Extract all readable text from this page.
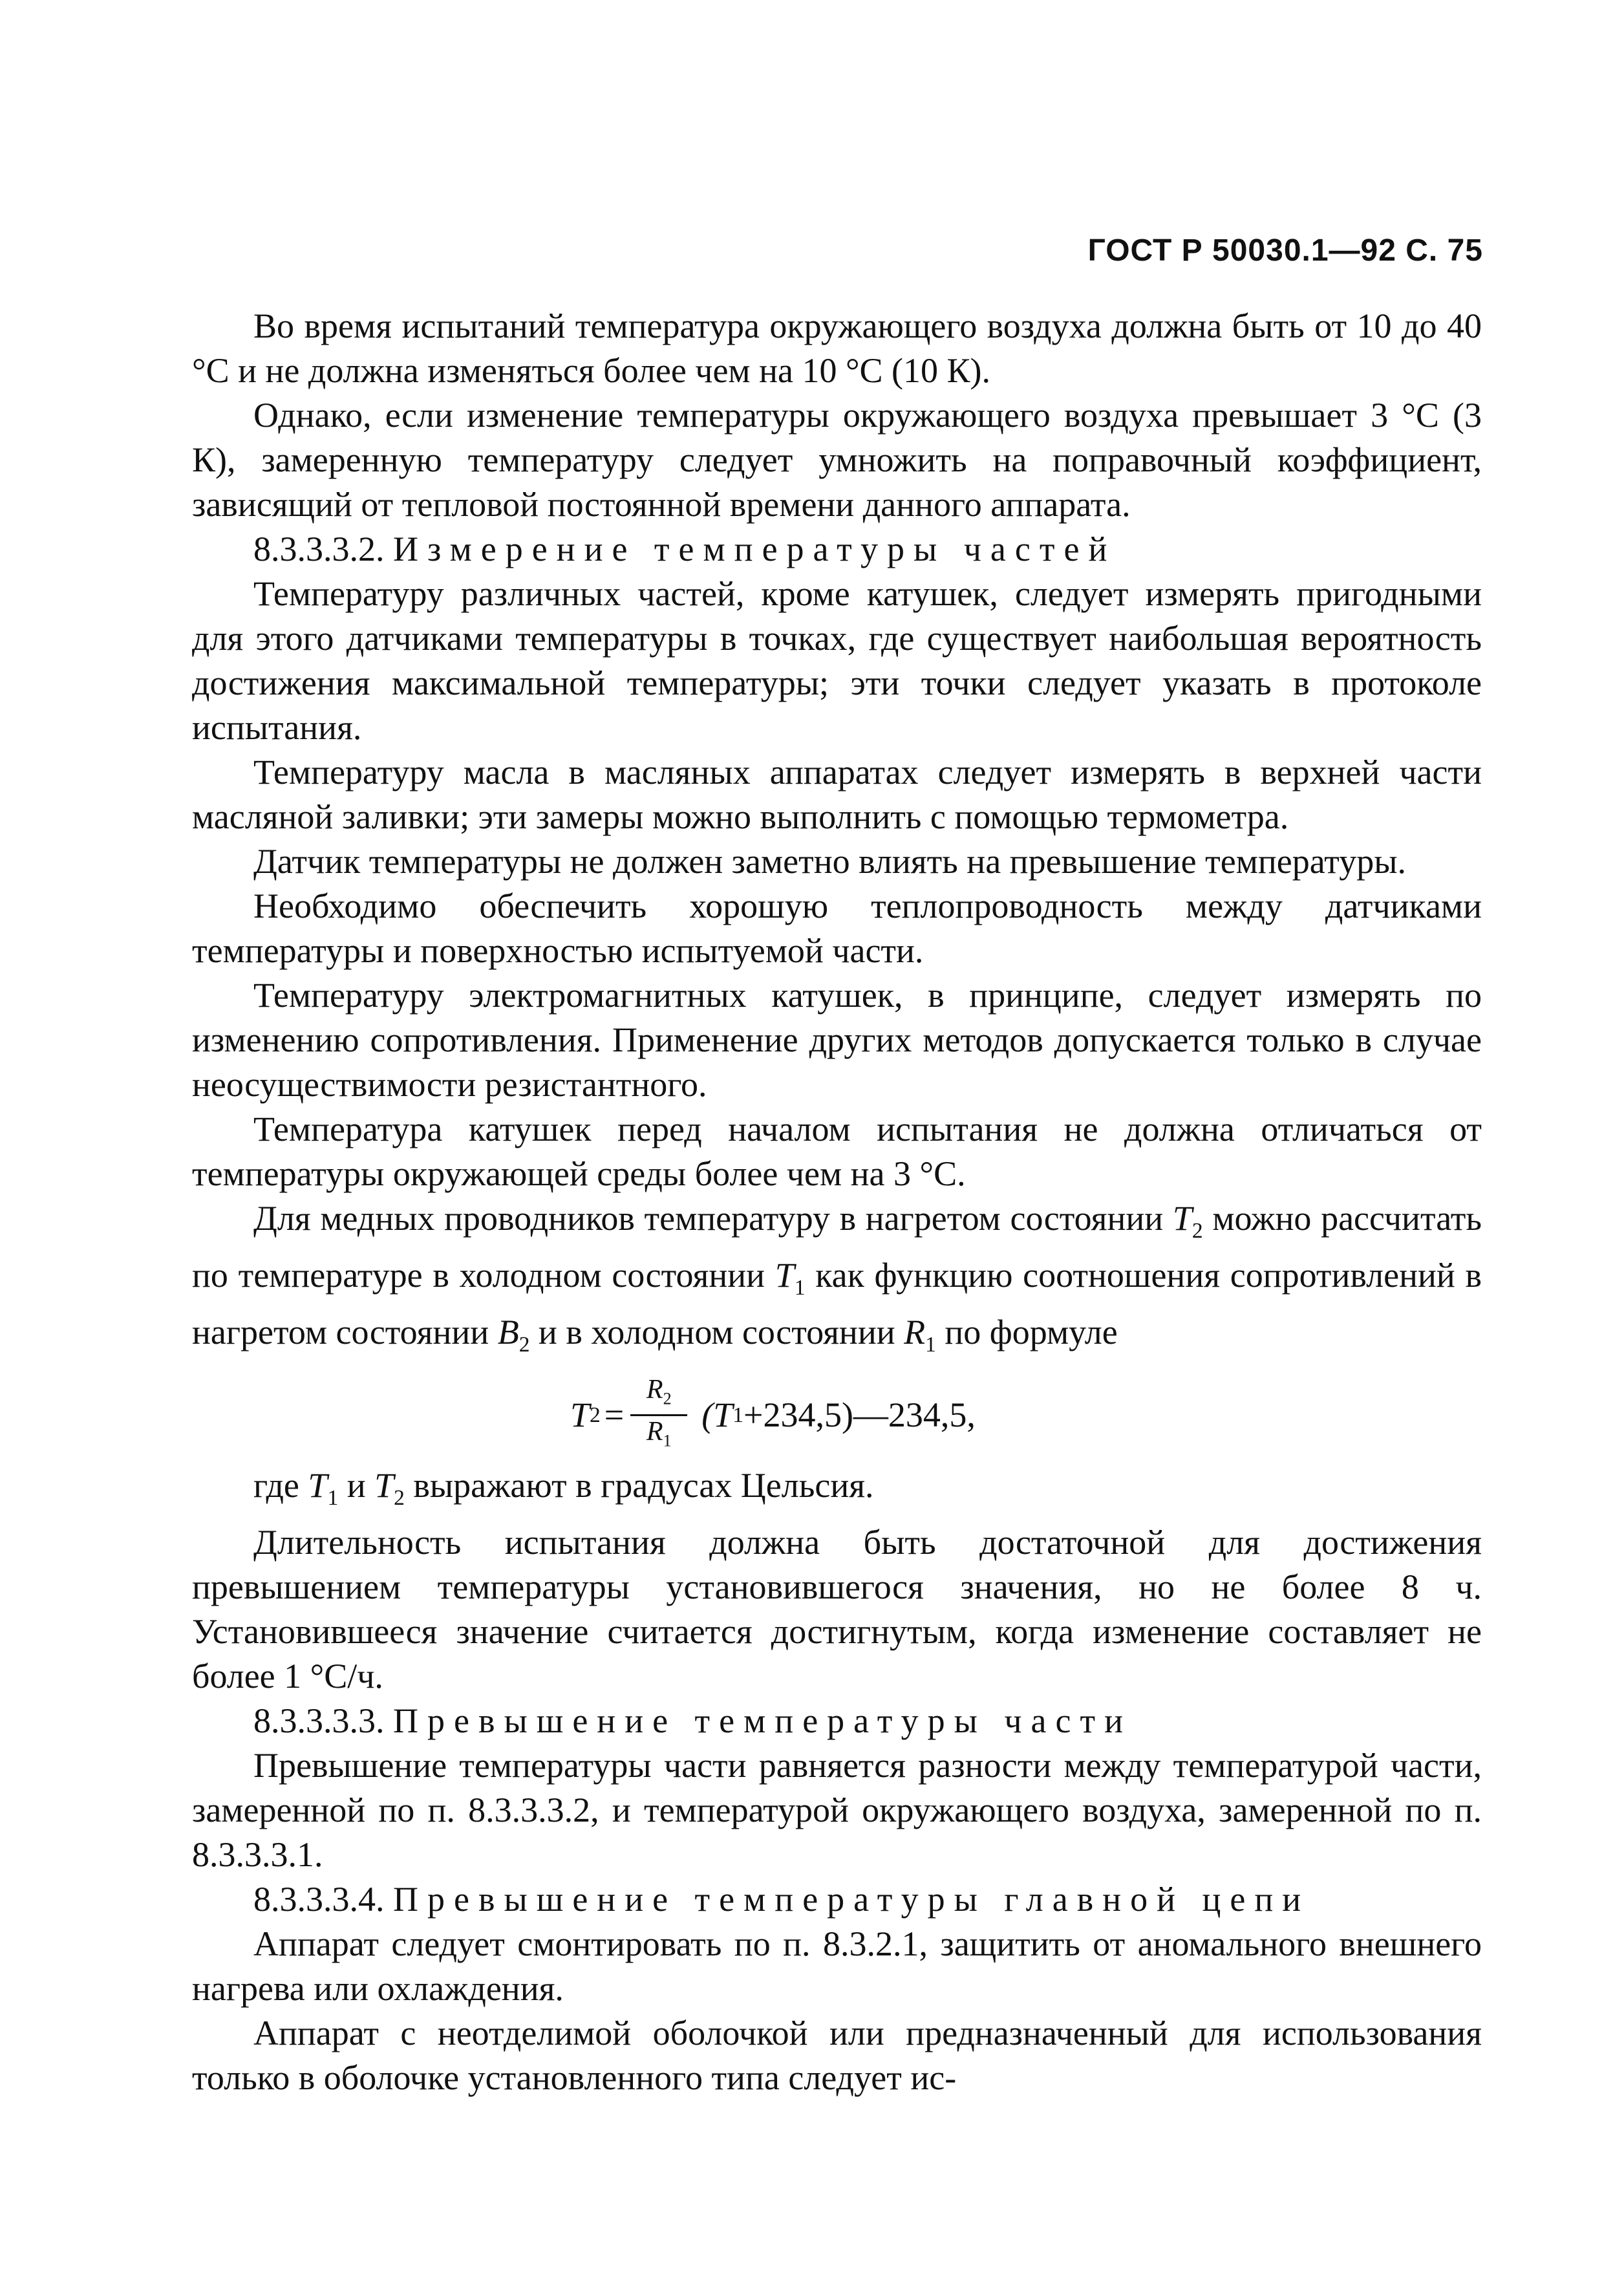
ГОСТ Р 50030.1—92 С. 75

Во время испытаний температура окружающего воздуха должна быть от 10 до 40 °С и не должна изменяться более чем на 10 °С (10 К).

Однако, если изменение температуры окружающего воздуха превышает 3 °С (3 К), замеренную температуру следует умножить на поправочный коэффициент, зависящий от тепловой постоянной времени данного аппарата.

8.3.3.3.2. Измерение температуры частей

Температуру различных частей, кроме катушек, следует измерять пригодными для этого датчиками температуры в точках, где существует наибольшая вероятность достижения максимальной температуры; эти точки следует указать в протоколе испытания.

Температуру масла в масляных аппаратах следует измерять в верхней части масляной заливки; эти замеры можно выполнить с помощью термометра.

Датчик температуры не должен заметно влиять на превышение температуры.

Необходимо обеспечить хорошую теплопроводность между датчиками температуры и поверхностью испытуемой части.

Температуру электромагнитных катушек, в принципе, следует измерять по изменению сопротивления. Применение других методов допускается только в случае неосуществимости резистантного.

Температура катушек перед началом испытания не должна отличаться от температуры окружающей среды более чем на 3 °С.

Для медных проводников температуру в нагретом состоянии $T_2$ можно рассчитать по температуре в холодном состоянии $T_1$ как функцию соотношения сопротивлений в нагретом состоянии $B_2$ и в холодном состоянии $R_1$ по формуле

T $2 = \frac{R_2}{R_1} (T$ 1 +234,5)—234,5,

где $T_1$ и $T_2$ выражают в градусах Цельсия.

Длительность испытания должна быть достаточной для достижения превышением температуры установившегося значения, но не более 8 ч. Установившееся значение считается достигнутым, когда изменение составляет не более 1 °С/ч.

8.3.3.3.3. Превышение температуры части

Превышение температуры части равняется разности между температурой части, замеренной по п. 8.3.3.3.2, и температурой окружающего воздуха, замеренной по п. 8.3.3.3.1.

8.3.3.3.4. Превышение температуры главной цепи

Аппарат следует смонтировать по п. 8.3.2.1, защитить от аномального внешнего нагрева или охлаждения.

Аппарат с неотделимой оболочкой или предназначенный для использования только в оболочке установленного типа следует ис-
